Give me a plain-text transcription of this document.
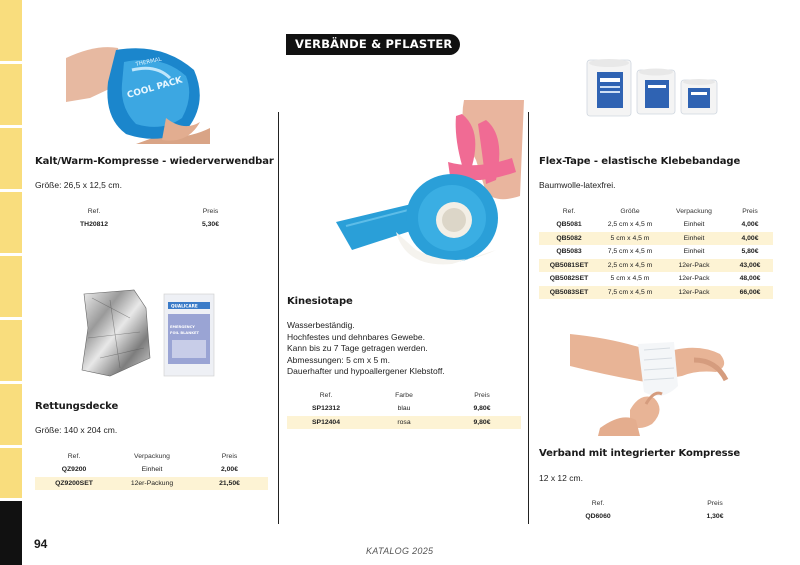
VERBÄNDE & PFLASTER
COOL PACK
THERMAL
Kalt/Warm-Kompresse - wiederverwendbar
Größe: 26,5 x 12,5 cm.
Ref.	Preis
TH20812	5,30€
QUALICARE
EMERGENCY
FOIL BLANKET
Rettungsdecke
Größe: 140 x 204 cm.
Ref.	Verpackung	Preis
QZ9200	Einheit	2,00€
QZ9200SET	12er-Packung	21,50€
Kinesiotape
Wasserbeständig.
Hochfestes und dehnbares Gewebe.
Kann bis zu 7 Tage getragen werden.
Abmessungen: 5 cm x 5 m.
Dauerhafter und hypoallergener Klebstoff.
Ref.	Farbe	Preis
SP12312	blau	9,80€
SP12404	rosa	9,80€
Flex-Tape - elastische Klebebandage
Baumwolle-latexfrei.
Ref.	Größe	Verpackung	Preis
QB5081	2,5 cm x 4,5 m	Einheit	4,00€
QB5082	5 cm x 4,5 m	Einheit	4,00€
QB5083	7,5 cm x 4,5 m	Einheit	5,80€
QB5081SET	2,5 cm x 4,5 m	12er-Pack	43,00€
QB5082SET	5 cm x 4,5 m	12er-Pack	48,00€
QB5083SET	7,5 cm x 4,5 m	12er-Pack	66,00€
Verband mit integrierter Kompresse
12 x 12 cm.
Ref.	Preis
QD6060	1,30€
94	KATALOG 2025
